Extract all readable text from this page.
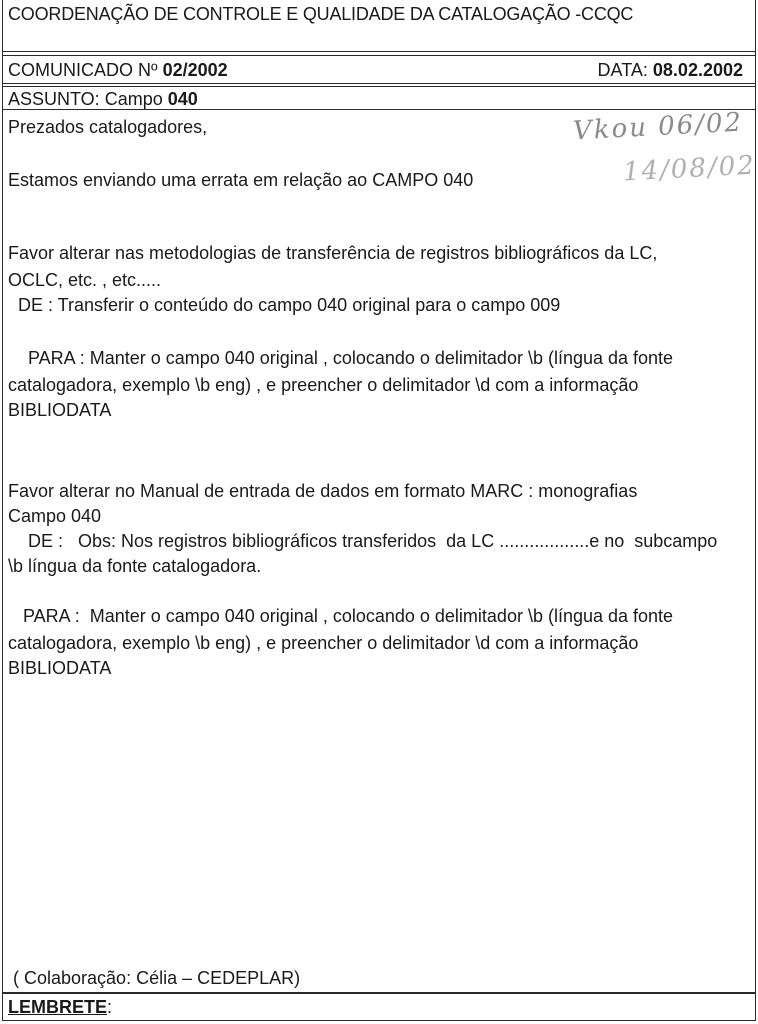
COORDENAÇÃO DE CONTROLE E QUALIDADE DA CATALOGAÇÃO -CCQC
COMUNICADO Nº 02/2002	DATA: 08.02.2002
ASSUNTO: Campo 040
Prezados catalogadores,
Estamos enviando uma errata em relação ao CAMPO 040
Favor alterar nas metodologias de transferência de registros bibliográficos da LC,
OCLC, etc. , etc.....
DE : Transferir o conteúdo do campo 040 original para o campo 009
PARA : Manter o campo 040 original , colocando o delimitador \b (língua da fonte
catalogadora, exemplo \b eng) , e preencher o delimitador \d com a informação
BIBLIODATA
Favor alterar no Manual de entrada de dados em formato MARC : monografias
Campo 040
DE :   Obs: Nos registros bibliográficos transferidos  da LC ..................e no  subcampo
\b língua da fonte catalogadora.
PARA :  Manter o campo 040 original , colocando o delimitador \b (língua da fonte
catalogadora, exemplo \b eng) , e preencher o delimitador \d com a informação
BIBLIODATA
( Colaboração: Célia – CEDEPLAR)
Vkou 06/02
14/08/02
LEMBRETE:
